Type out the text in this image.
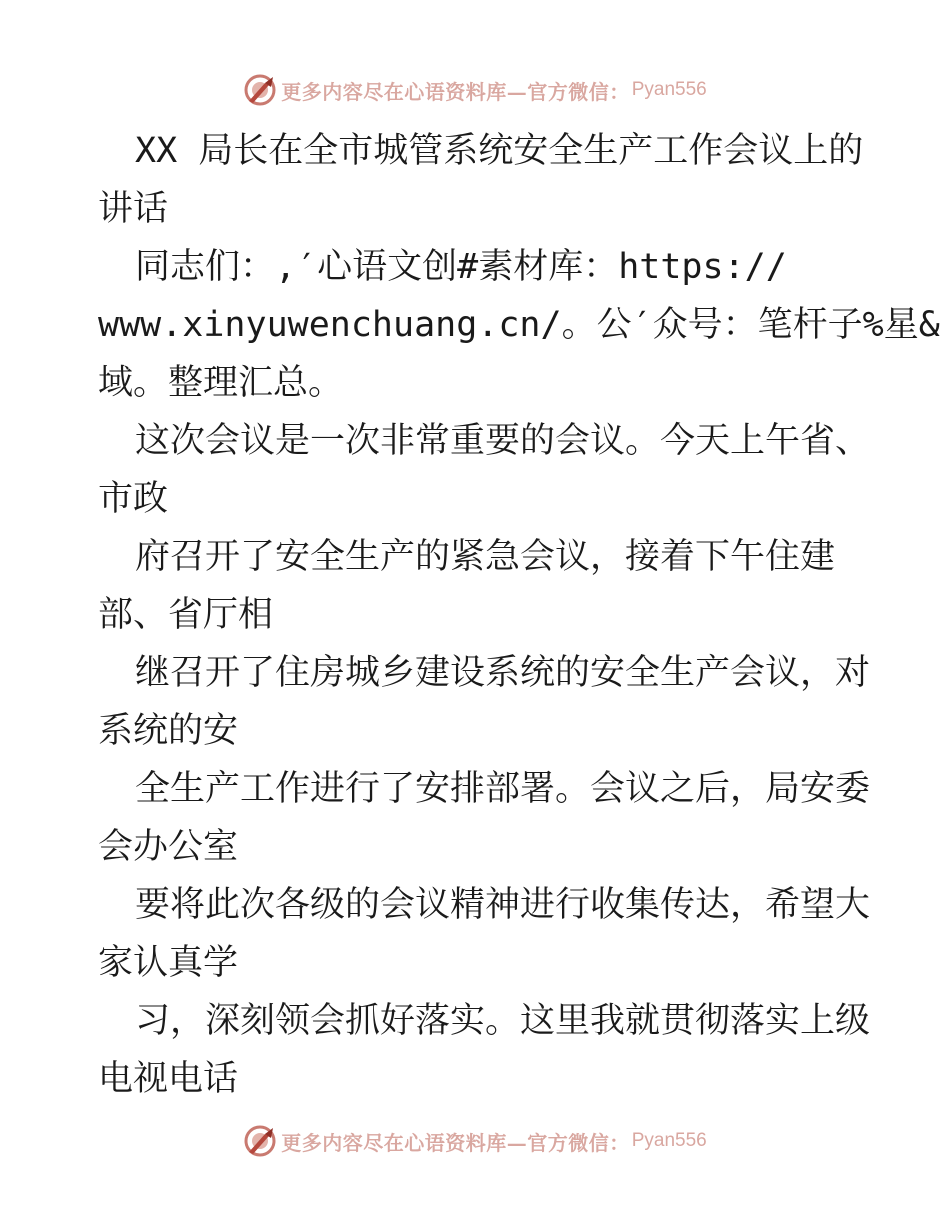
更多内容尽在心语资料库—官方微信： Pyan556
XX 局长在全市城管系统安全生产工作会议上的
讲话
同志们：,′心语文创#素材库：https://
www.xinyuwenchuang.cn/。公′众号：笔杆子%星&
域。整理汇总。
这次会议是一次非常重要的会议。今天上午省、
市政
府召开了安全生产的紧急会议，接着下午住建
部、省厅相
继召开了住房城乡建设系统的安全生产会议，对
系统的安
全生产工作进行了安排部署。会议之后，局安委
会办公室
要将此次各级的会议精神进行收集传达，希望大
家认真学
习，深刻领会抓好落实。这里我就贯彻落实上级
电视电话
更多内容尽在心语资料库—官方微信： Pyan556
